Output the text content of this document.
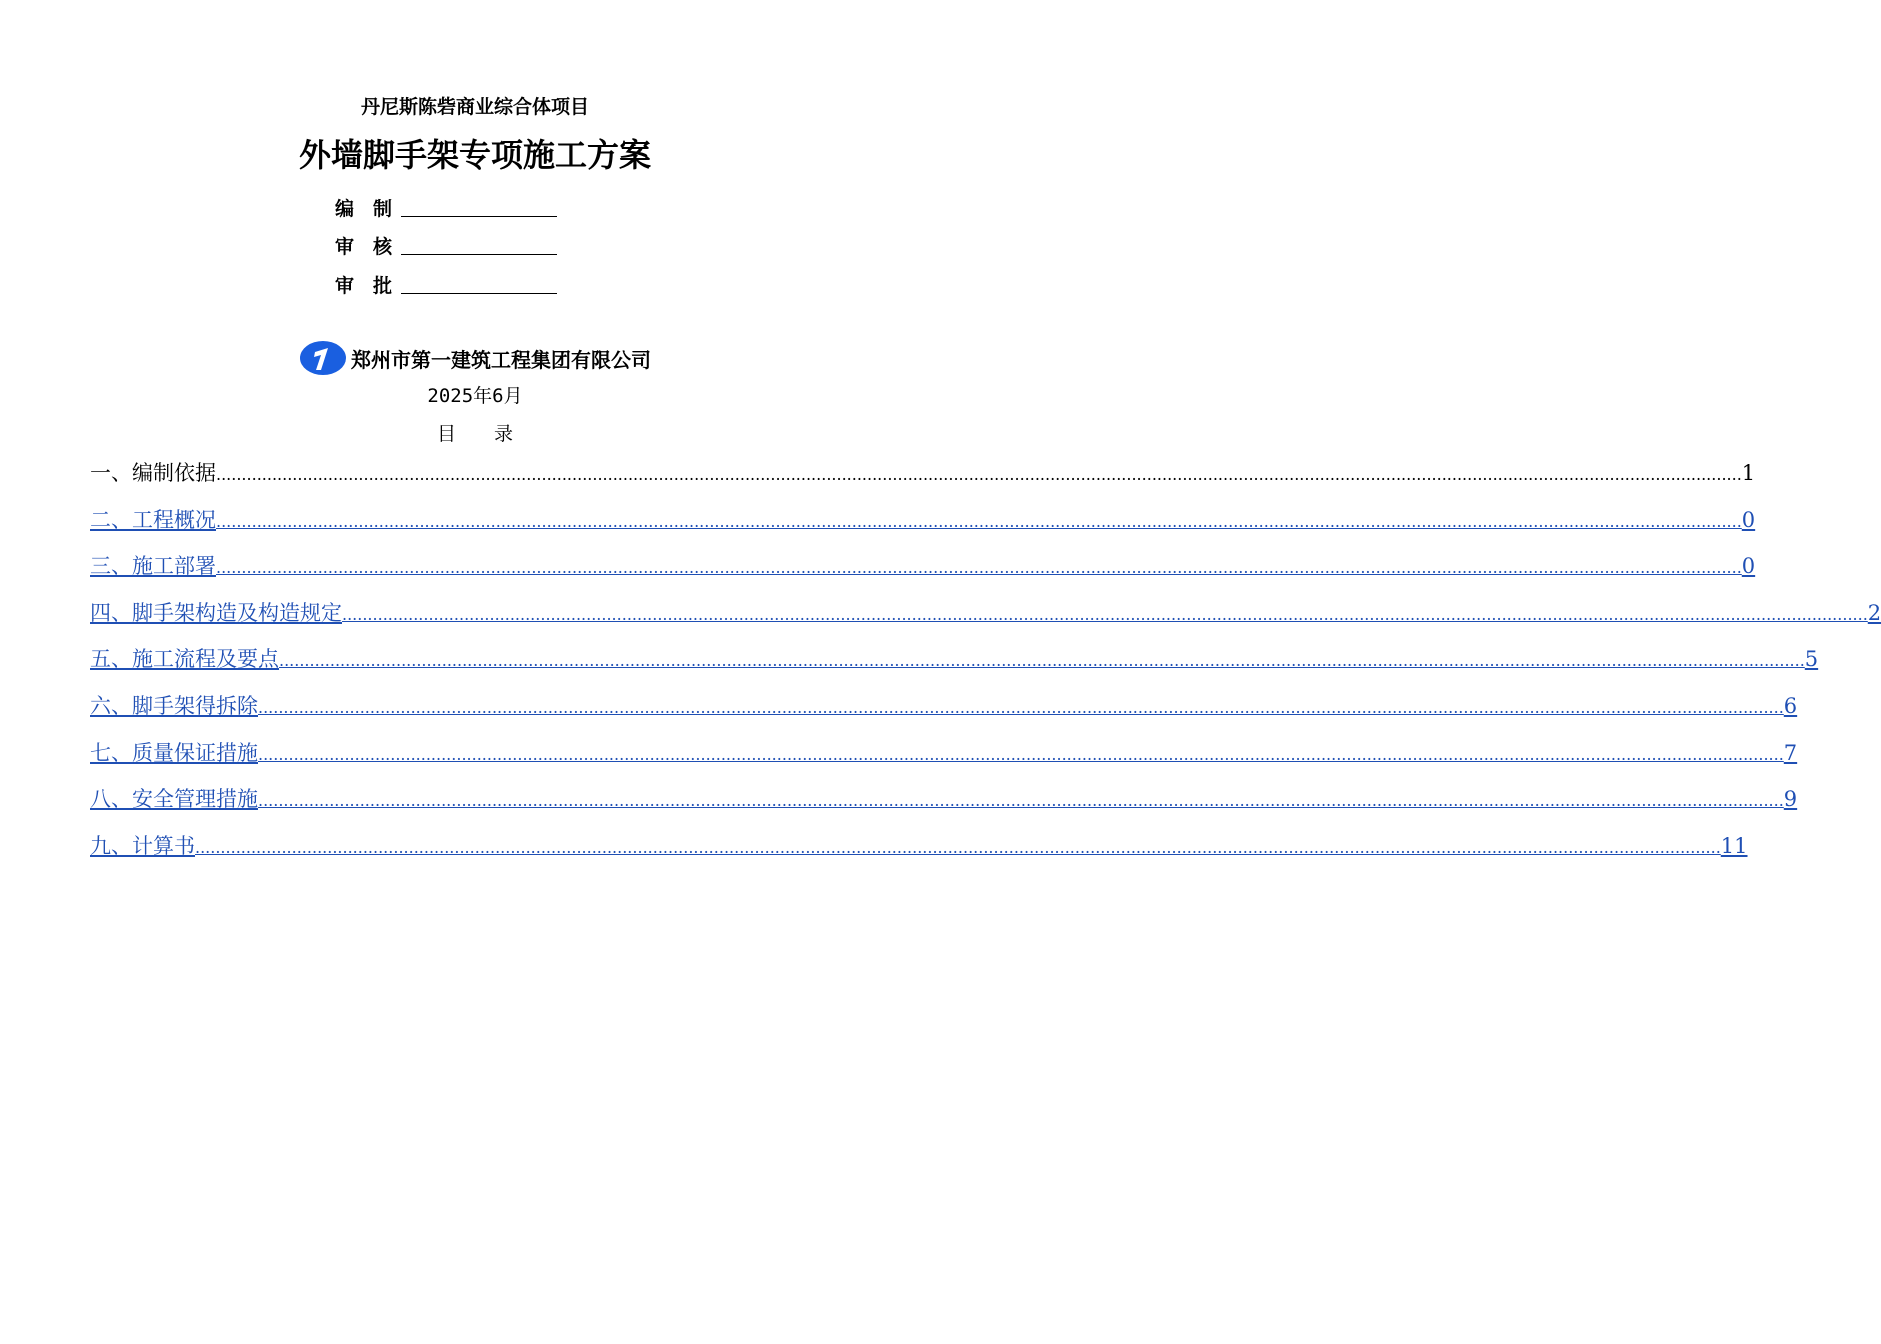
丹尼斯陈砦商业综合体项目
外墙脚手架专项施工方案
编　制
审　核
审　批
郑州市第一建筑工程集团有限公司
2025年6月
目　　录
一、编制依据 ............................................................................................................................................................................................................................................................................................................ 1
二、工程概况 ............................................................................................................................................................................................................................................................................................................ 0
三、施工部署 ............................................................................................................................................................................................................................................................................................................ 0
四、脚手架构造及构造规定 ............................................................................................................................................................................................................................................................................................................ 2
五、施工流程及要点 ............................................................................................................................................................................................................................................................................................................ 5
六、脚手架得拆除 ............................................................................................................................................................................................................................................................................................................ 6
七、质量保证措施 ............................................................................................................................................................................................................................................................................................................ 7
八、安全管理措施 ............................................................................................................................................................................................................................................................................................................ 9
九、计算书 ............................................................................................................................................................................................................................................................................................................ 11
